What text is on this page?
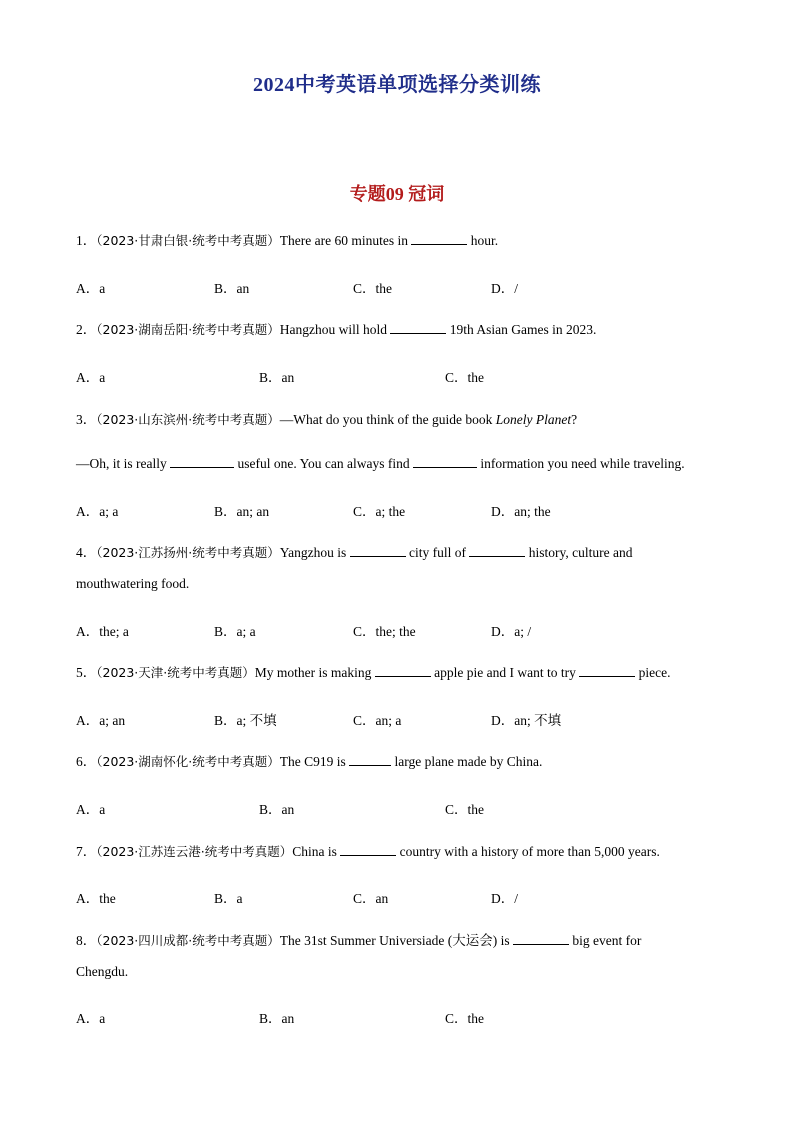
2024中考英语单项选择分类训练
专题09 冠词
1．（2023·甘肃白银·统考中考真题）There are 60 minutes in	hour.
A．a	B．an	C．the	D．/
2．（2023·湖南岳阳·统考中考真题）Hangzhou will hold	19th Asian Games in 2023.
A．a	B．an	C．the
3．（2023·山东滨州·统考中考真题）—What do you think of the guide book Lonely Planet?
—Oh, it is really	useful one. You can always find	information you need while traveling.
A．a; a	B．an; an	C．a; the	D．an; the
4．（2023·江苏扬州·统考中考真题）Yangzhou is	city full of	history, culture and
mouthwatering food.
A．the; a	B．a; a	C．the; the	D．a; /
5．（2023·天津·统考中考真题）My mother is making	apple pie and I want to try	piece.
A．a; an	B．a; 不填	C．an; a	D．an; 不填
6．（2023·湖南怀化·统考中考真题）The C919 is	large plane made by China.
A．a	B．an	C．the
7．（2023·江苏连云港·统考中考真题）China is	country with a history of more than 5,000 years.
A．the	B．a	C．an	D．/
8．（2023·四川成都·统考中考真题）The 31st Summer Universiade (大运会) is	big event for
Chengdu.
A．a	B．an	C．the
